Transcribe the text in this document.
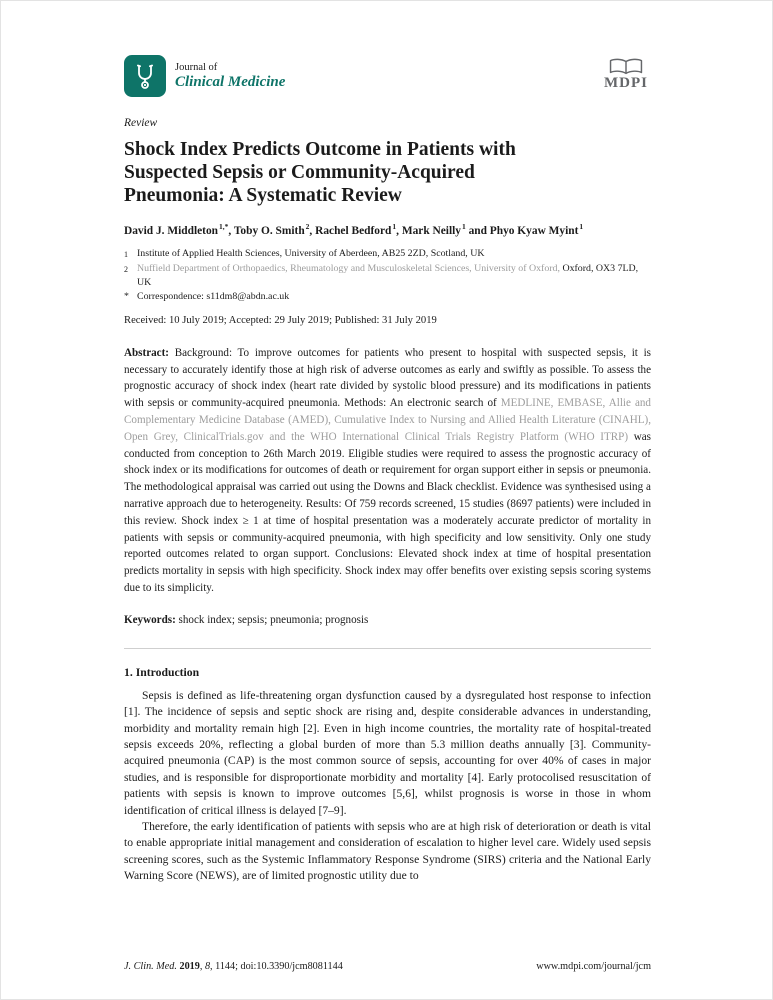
Journal of
Clinical Medicine	MDPI
Review
Shock Index Predicts Outcome in Patients with
Suspected Sepsis or Community-Acquired
Pneumonia: A Systematic Review
David J. Middleton$^{1,*}$, Toby O. Smith$^2$, Rachel Bedford$^1$, Mark Neilly$^1$ and Phyo Kyaw Myint$^1$
1 Institute of Applied Health Sciences, University of Aberdeen, AB25 2ZD, Scotland, UK
2 Nuffield Department of Orthopaedics, Rheumatology and Musculoskeletal Sciences, University of Oxford, Oxford, OX3 7LD, UK
* Correspondence: s11dm8@abdn.ac.uk
Received: 10 July 2019; Accepted: 29 July 2019; Published: 31 July 2019

Abstract: Background: To improve outcomes for patients who present to hospital with suspected sepsis, it is necessary to accurately identify those at high risk of adverse outcomes as early and swiftly as possible. To assess the prognostic accuracy of shock index (heart rate divided by systolic blood pressure) and its modifications in patients with sepsis or community-acquired pneumonia. Methods: An electronic search of MEDLINE, EMBASE, Allie and Complementary Medicine Database (AMED), Cumulative Index to Nursing and Allied Health Literature (CINAHL), Open Grey, ClinicalTrials.gov and the WHO International Clinical Trials Registry Platform (WHO ITRP) was conducted from conception to 26th March 2019. Eligible studies were required to assess the prognostic accuracy of shock index or its modifications for outcomes of death or requirement for organ support either in sepsis or pneumonia. The methodological appraisal was carried out using the Downs and Black checklist. Evidence was synthesised using a narrative approach due to heterogeneity. Results: Of 759 records screened, 15 studies (8697 patients) were included in this review. Shock index ≥ 1 at time of hospital presentation was a moderately accurate predictor of mortality in patients with sepsis or community-acquired pneumonia, with high specificity and low sensitivity. Only one study reported outcomes related to organ support. Conclusions: Elevated shock index at time of hospital presentation predicts mortality in sepsis with high specificity. Shock index may offer benefits over existing sepsis scoring systems due to its simplicity.

Keywords: shock index; sepsis; pneumonia; prognosis

1. Introduction

Sepsis is defined as life-threatening organ dysfunction caused by a dysregulated host response to infection [1]. The incidence of sepsis and septic shock are rising and, despite considerable advances in understanding, morbidity and mortality remain high [2]. Even in high income countries, the mortality rate of hospital-treated sepsis exceeds 20%, reflecting a global burden of more than 5.3 million deaths annually [3]. Community-acquired pneumonia (CAP) is the most common source of sepsis, accounting for over 40% of cases in major studies, and is responsible for disproportionate morbidity and mortality [4]. Early protocolised resuscitation of patients with sepsis is known to improve outcomes [5,6], whilst prognosis is worse in those in whom identification of critical illness is delayed [7–9].

Therefore, the early identification of patients with sepsis who are at high risk of deterioration or death is vital to enable appropriate initial management and consideration of escalation to higher level care. Widely used sepsis screening scores, such as the Systemic Inflammatory Response Syndrome (SIRS) criteria and the National Early Warning Score (NEWS), are of limited prognostic utility due to

J. Clin. Med. 2019, 8, 1144; doi:10.3390/jcm8081144	www.mdpi.com/journal/jcm
